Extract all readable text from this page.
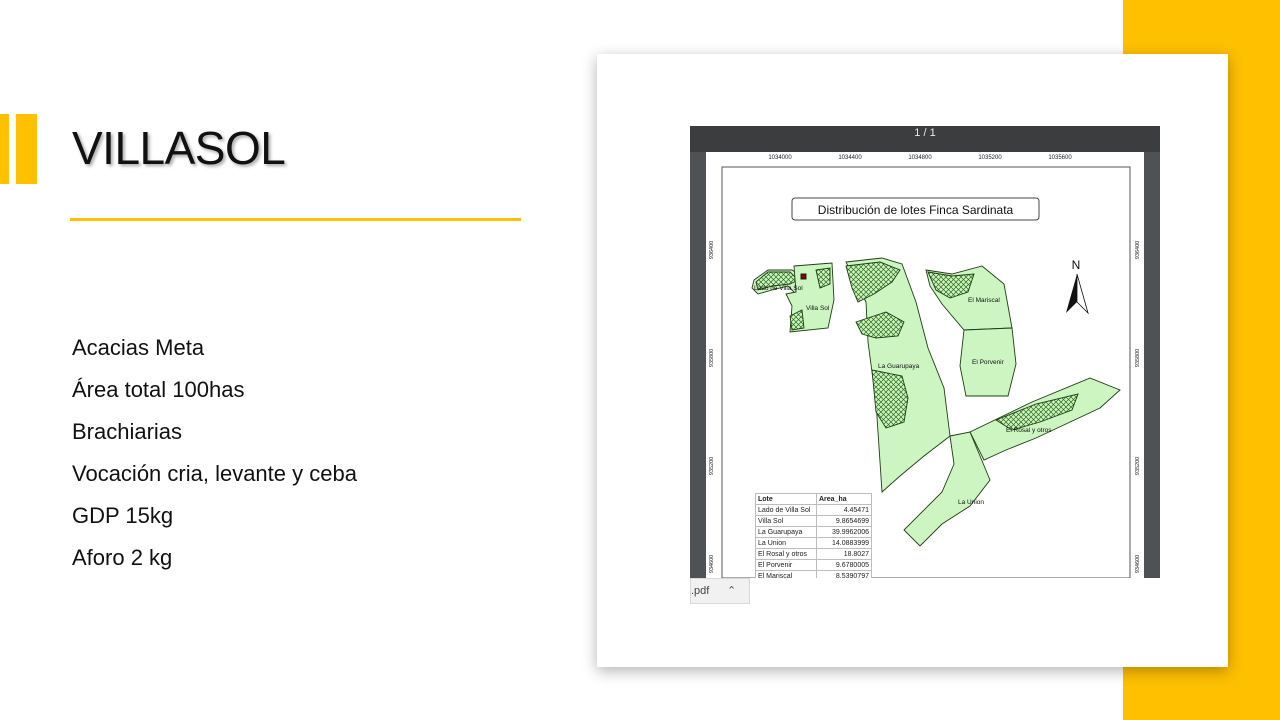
VILLASOL
Acacias Meta
Área total 100has
Brachiarias
Vocación cria, levante y ceba
GDP 15kg
Aforo 2 kg
1 / 1
1034000	1034400	1034800	1035200	1035600
936400
935800
935200
934600
936400
935800
935200
934600
Distribución de lotes Finca Sardinata
N
Lado de Villa Sol
Villa Sol
La Guarupaya
El Mariscal
El Porvenir
El Rosal y otros
La Union
Lote	Area_ha
Lado de Villa Sol	4.45471
Villa Sol	9.8654699
La Guarupaya	39.9962006
La Union	14.0883999
El Rosal y otros	18.8027
El Porvenir	9.6780005
El Mariscal	8.5390797
.pdf ⌃
